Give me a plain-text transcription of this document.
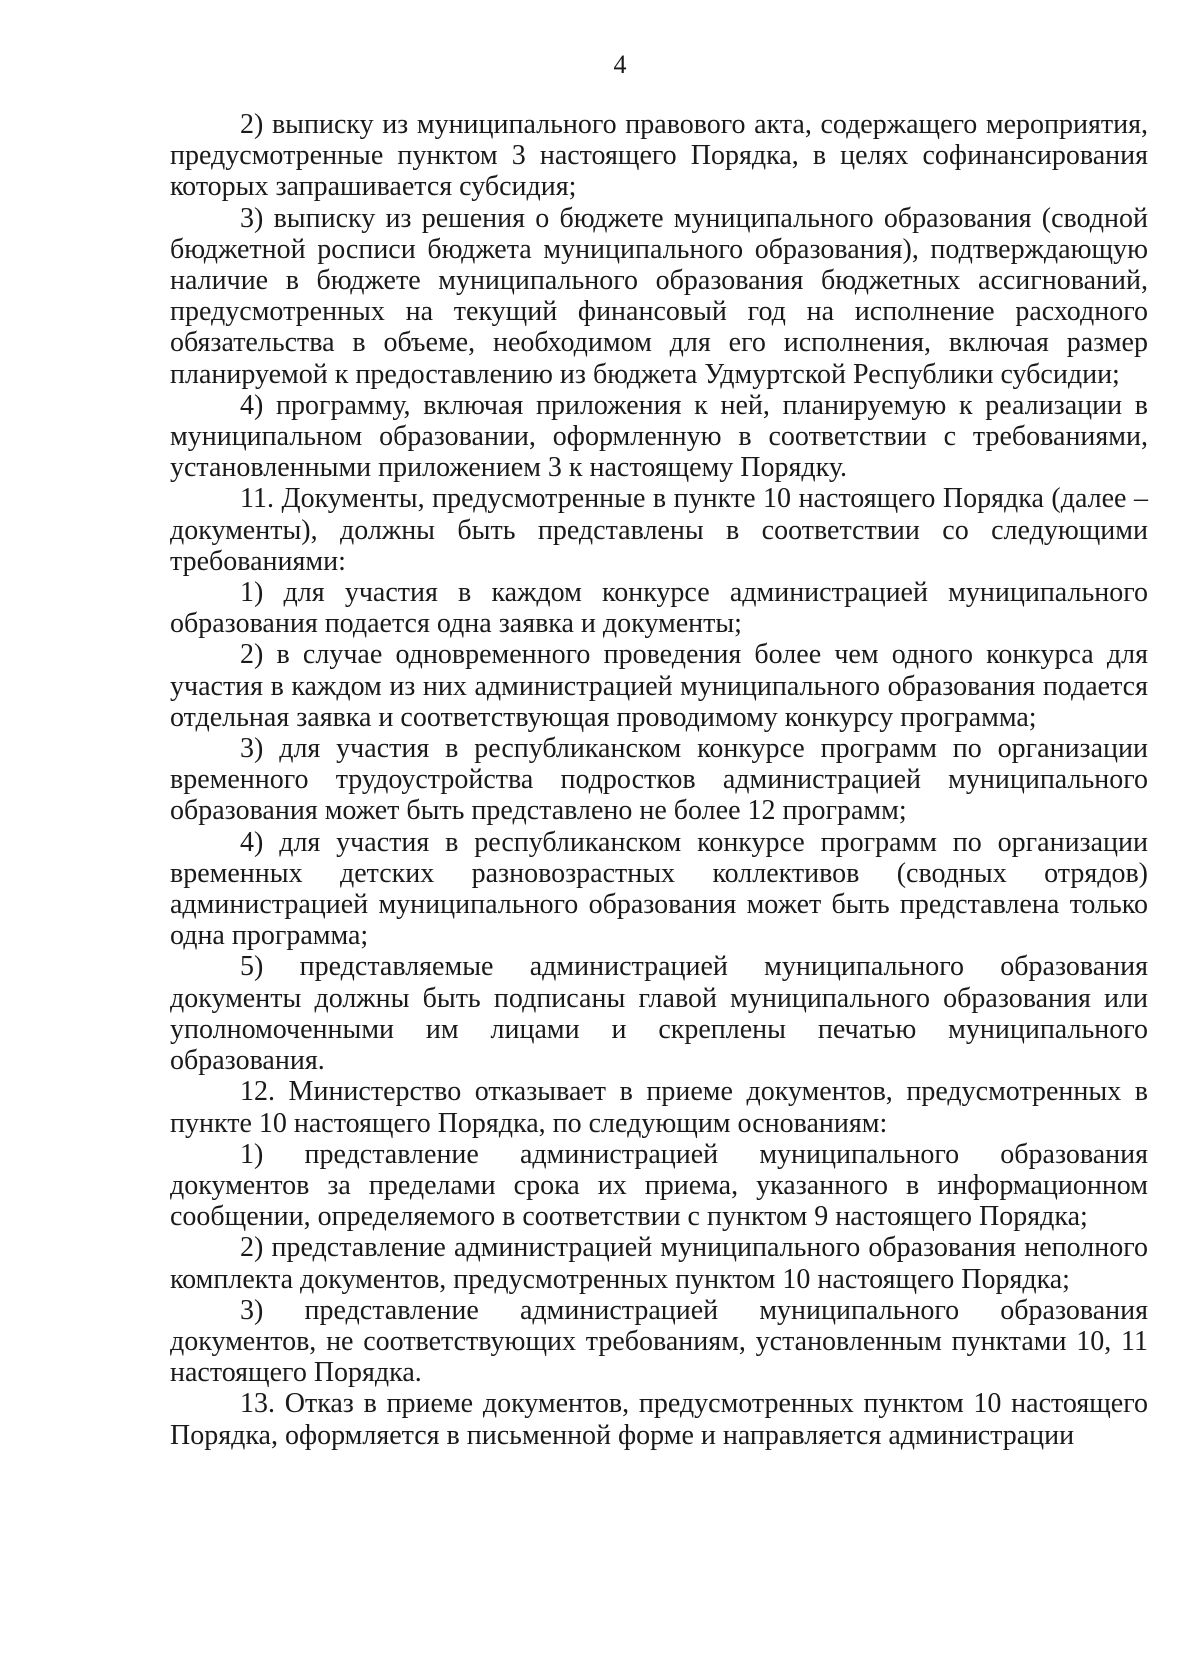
4

2) выписку из муниципального правового акта, содержащего мероприятия, предусмотренные пунктом 3 настоящего Порядка, в целях софинансирования которых запрашивается субсидия;

3) выписку из решения о бюджете муниципального образования (сводной бюджетной росписи бюджета муниципального образования), подтверждающую наличие в бюджете муниципального образования бюджетных ассигнований, предусмотренных на текущий финансовый год на исполнение расходного обязательства в объеме, необходимом для его исполнения, включая размер планируемой к предоставлению из бюджета Удмуртской Республики субсидии;

4) программу, включая приложения к ней, планируемую к реализации в муниципальном образовании, оформленную в соответствии с требованиями, установленными приложением 3 к настоящему Порядку.

11. Документы, предусмотренные в пункте 10 настоящего Порядка (далее – документы), должны быть представлены в соответствии со следующими требованиями:

1) для участия в каждом конкурсе администрацией муниципального образования подается одна заявка и документы;

2) в случае одновременного проведения более чем одного конкурса для участия в каждом из них администрацией муниципального образования подается отдельная заявка и соответствующая проводимому конкурсу программа;

3) для участия в республиканском конкурсе программ по организации временного трудоустройства подростков администрацией муниципального образования может быть представлено не более 12 программ;

4) для участия в республиканском конкурсе программ по организации временных детских разновозрастных коллективов (сводных отрядов) администрацией муниципального образования может быть представлена только одна программа;

5) представляемые администрацией муниципального образования документы должны быть подписаны главой муниципального образования или уполномоченными им лицами и скреплены печатью муниципального образования.

12. Министерство отказывает в приеме документов, предусмотренных в пункте 10 настоящего Порядка, по следующим основаниям:

1) представление администрацией муниципального образования документов за пределами срока их приема, указанного в информационном сообщении, определяемого в соответствии с пунктом 9 настоящего Порядка;

2) представление администрацией муниципального образования неполного комплекта документов, предусмотренных пунктом 10 настоящего Порядка;

3) представление администрацией муниципального образования документов, не соответствующих требованиям, установленным пунктами 10, 11 настоящего Порядка.

13. Отказ в приеме документов, предусмотренных пунктом 10 настоящего Порядка, оформляется в письменной форме и направляется администрации
